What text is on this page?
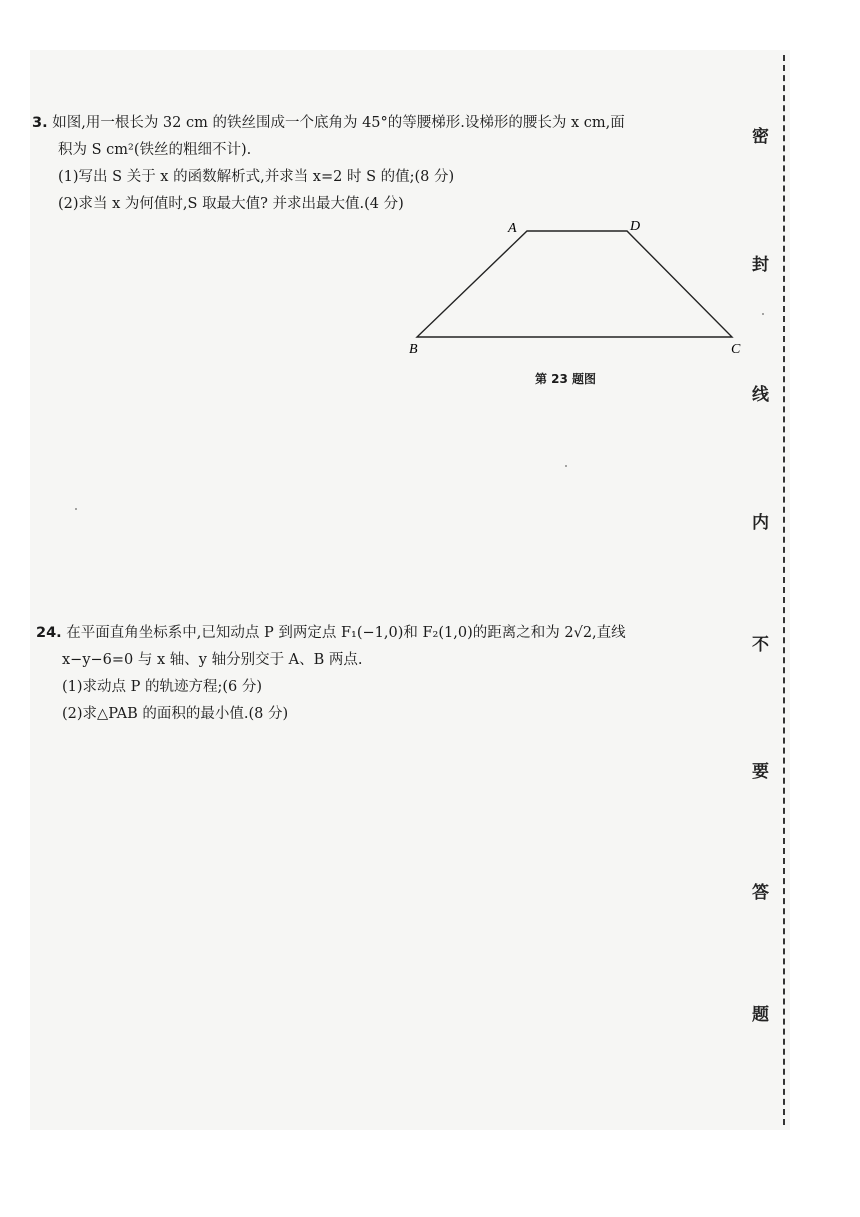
3. 如图,用一根长为 32 cm 的铁丝围成一个底角为 45°的等腰梯形.设梯形的腰长为 x cm,面
积为 S cm²(铁丝的粗细不计).
(1)写出 S 关于 x 的函数解析式,并求当 x=2 时 S 的值;(8 分)
(2)求当 x 为何值时,S 取最大值? 并求出最大值.(4 分)
A	D
B	C
第 23 题图
24. 在平面直角坐标系中,已知动点 P 到两定点 F₁(−1,0)和 F₂(1,0)的距离之和为 2√2,直线
x−y−6=0 与 x 轴、y 轴分别交于 A、B 两点.
(1)求动点 P 的轨迹方程;(6 分)
(2)求△PAB 的面积的最小值.(8 分)
密
封
线
内
不
要
答
题
